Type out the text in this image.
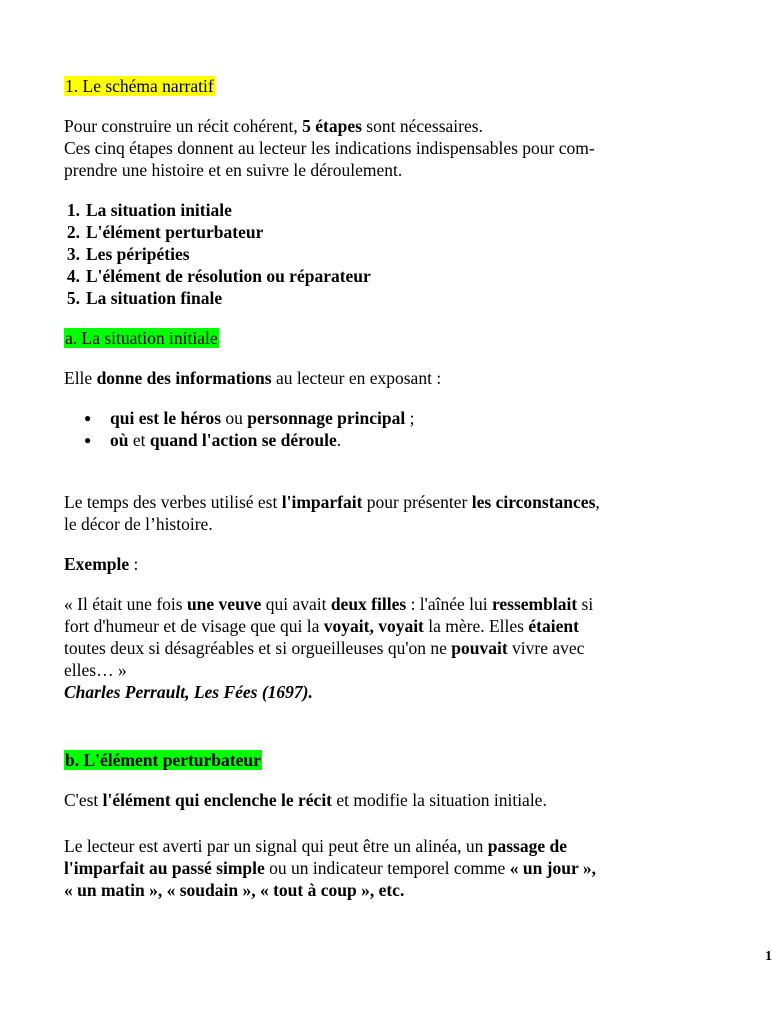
1. Le schéma narratif

Pour construire un récit cohérent, 5 étapes sont nécessaires.
Ces cinq étapes donnent au lecteur les indications indispensables pour com-
prendre une histoire et en suivre le déroulement.

1. La situation initiale
2. L'élément perturbateur
3. Les péripéties
4. L'élément de résolution ou réparateur
5. La situation finale

a. La situation initiale

Elle donne des informations au lecteur en exposant :

● qui est le héros ou personnage principal ;
● où et quand l'action se déroule.

Le temps des verbes utilisé est l'imparfait pour présenter les circonstances,
le décor de l’histoire.

Exemple :

« Il était une fois une veuve qui avait deux filles : l'aînée lui ressemblait si
fort d'humeur et de visage que qui la voyait, voyait la mère. Elles étaient
toutes deux si désagréables et si orgueilleuses qu'on ne pouvait vivre avec
elles… »
Charles Perrault, Les Fées (1697).

b. L'élément perturbateur

C'est l'élément qui enclenche le récit et modifie la situation initiale.

Le lecteur est averti par un signal qui peut être un alinéa, un passage de
l'imparfait au passé simple ou un indicateur temporel comme « un jour »,
« un matin », « soudain », « tout à coup », etc.

1
